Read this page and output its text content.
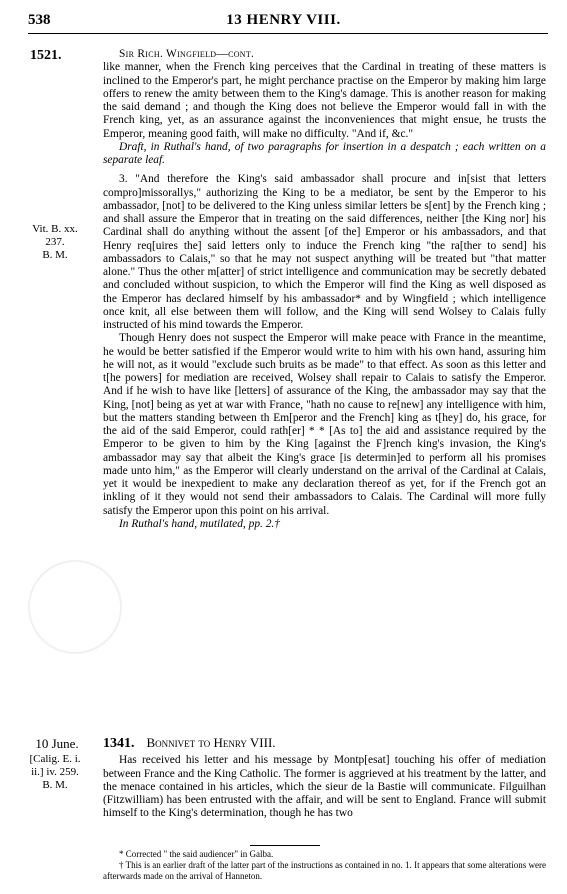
538	13 HENRY VIII.
1521.
Vit. B. xx.
237.
B. M.

Sir Rich. Wingfield—cont.

like manner, when the French king perceives that the Cardinal in treating of these matters is inclined to the Emperor's part, he might perchance practise on the Emperor by making him large offers to renew the amity between them to the King's damage. This is another reason for making the said demand ; and though the King does not believe the Emperor would fall in with the French king, yet, as an assurance against the inconveniences that might ensue, he trusts the Emperor, meaning good faith, will make no difficulty. "And if, &c."

Draft, in Ruthal's hand, of two paragraphs for insertion in a despatch ; each written on a separate leaf.

3. "And therefore the King's said ambassador shall procure and in[sist that letters compro]missorallys," authorizing the King to be a mediator, be sent by the Emperor to his ambassador, [not] to be delivered to the King unless similar letters be s[ent] by the French king ; and shall assure the Emperor that in treating on the said differences, neither [the King nor] his Cardinal shall do anything without the assent [of the] Emperor or his ambassadors, and that Henry req[uires the] said letters only to induce the French king "the ra[ther to send] his ambassadors to Calais," so that he may not suspect anything will be treated but "that matter alone." Thus the other m[atter] of strict intelligence and communication may be secretly debated and concluded without suspicion, to which the Emperor will find the King as well disposed as the Emperor has declared himself by his ambassador* and by Wingfield ; which intelligence once knit, all else between them will follow, and the King will send Wolsey to Calais fully instructed of his mind towards the Emperor.

Though Henry does not suspect the Emperor will make peace with France in the meantime, he would be better satisfied if the Emperor would write to him with his own hand, assuring him he will not, as it would "exclude such bruits as be made" to that effect. As soon as this letter and t[he powers] for mediation are received, Wolsey shall repair to Calais to satisfy the Emperor. And if he wish to have like [letters] of assurance of the King, the ambassador may say that the King, [not] being as yet at war with France, "hath no cause to re[new] any intelligence with him, but the matters standing between th Em[peror and the French] king as t[hey] do, his grace, for the aid of the said Emperor, could rath[er] * * [As to] the aid and assistance required by the Emperor to be given to him by the King [against the F]rench king's invasion, the King's ambassador may say that albeit the King's grace [is determin]ed to perform all his promises made unto him," as the Emperor will clearly understand on the arrival of the Cardinal at Calais, yet it would be inexpedient to make any declaration thereof as yet, for if the French got an inkling of it they would not send their ambassadors to Calais. The Cardinal will more fully satisfy the Emperor upon this point on his arrival.

In Ruthal's hand, mutilated, pp. 2.†

10 June.
[Calig. E. i.
ii.] iv. 259.
B. M.

1341. Bonnivet to Henry VIII.

Has received his letter and his message by Montp[esat] touching his offer of mediation between France and the King Catholic. The former is aggrieved at his treatment by the latter, and the menace contained in his articles, which the sieur de la Bastie will communicate. Filguilhan (Fitzwilliam) has been entrusted with the affair, and will be sent to England. France will submit himself to the King's determination, though he has two

* Corrected " the said audiencer" in Galba.

† This is an earlier draft of the latter part of the instructions as contained in no. 1. It appears that some alterations were afterwards made on the arrival of Hanneton.
